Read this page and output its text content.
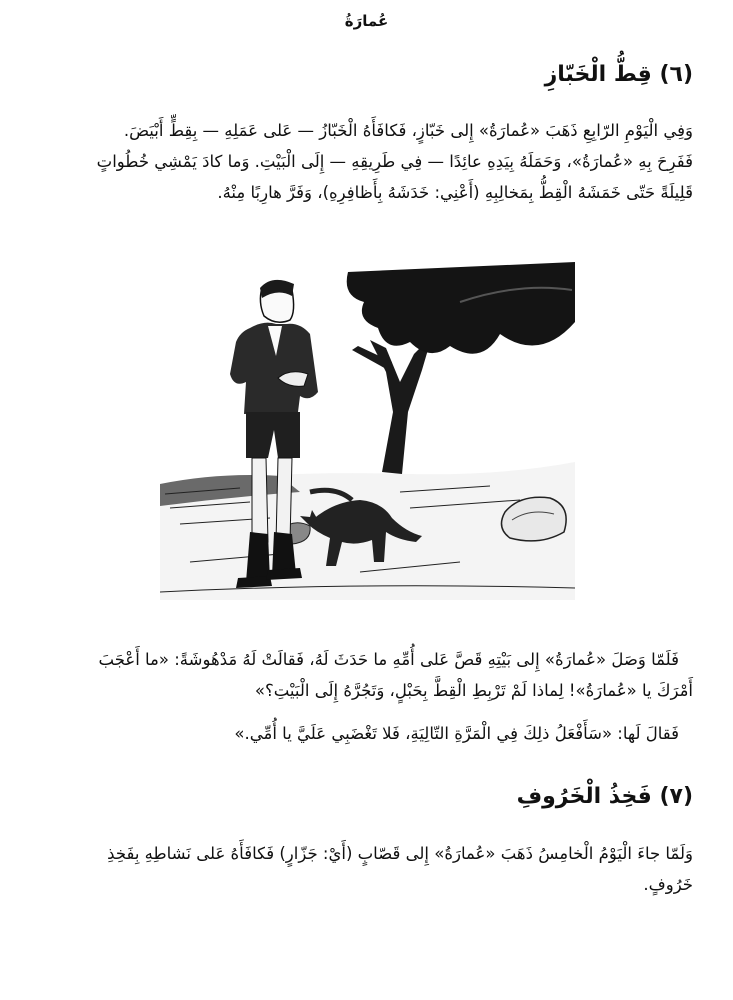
عُمارَةُ
(٦) قِطُّ الْخَبّازِ

وَفِي الْيَوْمِ الرّابِعِ ذَهَبَ «عُمارَةُ» إِلى خَبّازٍ، فَكافَأَهُ الْخَبّازُ — عَلى عَمَلِهِ — بِقِطٍّ أَبْيَضَ.
فَفَرِحَ بِهِ «عُمارَةُ»، وَحَمَلَهُ بِيَدِهِ عائِدًا — فِي طَرِيقِهِ — إِلَى الْبَيْتِ. وَما كادَ يَمْشِي خُطُواتٍ
قَلِيلَةً حَتّى خَمَشَهُ الْقِطُّ بِمَخالِبِهِ (أَعْنِي: خَدَشَهُ بِأَظافِرِهِ)، وَفَرَّ هارِبًا مِنْهُ.

فَلَمّا وَصَلَ «عُمارَةُ» إِلى بَيْتِهِ قَصَّ عَلى أُمِّهِ ما حَدَثَ لَهُ، فَقالَتْ لَهُ مَدْهُوشَةً: «ما أَعْجَبَ
أَمْرَكَ يا «عُمارَةُ»! لِماذا لَمْ تَرْبِطِ الْقِطَّ بِحَبْلٍ، وَتَجُرَّهُ إِلَى الْبَيْتِ؟»

فَقالَ لَها: «سَأَفْعَلُ ذلِكَ فِي الْمَرَّةِ التّالِيَةِ، فَلا تَغْضَبِي عَلَيَّ يا أُمِّي.»

(٧) فَخِذُ الْخَرُوفِ

وَلَمّا جاءَ الْيَوْمُ الْخامِسُ ذَهَبَ «عُمارَةُ» إِلى قَصّابٍ (أَيْ: جَزّارٍ) فَكافَأَهُ عَلى نَشاطِهِ بِفَخِذِ
خَرُوفٍ.
